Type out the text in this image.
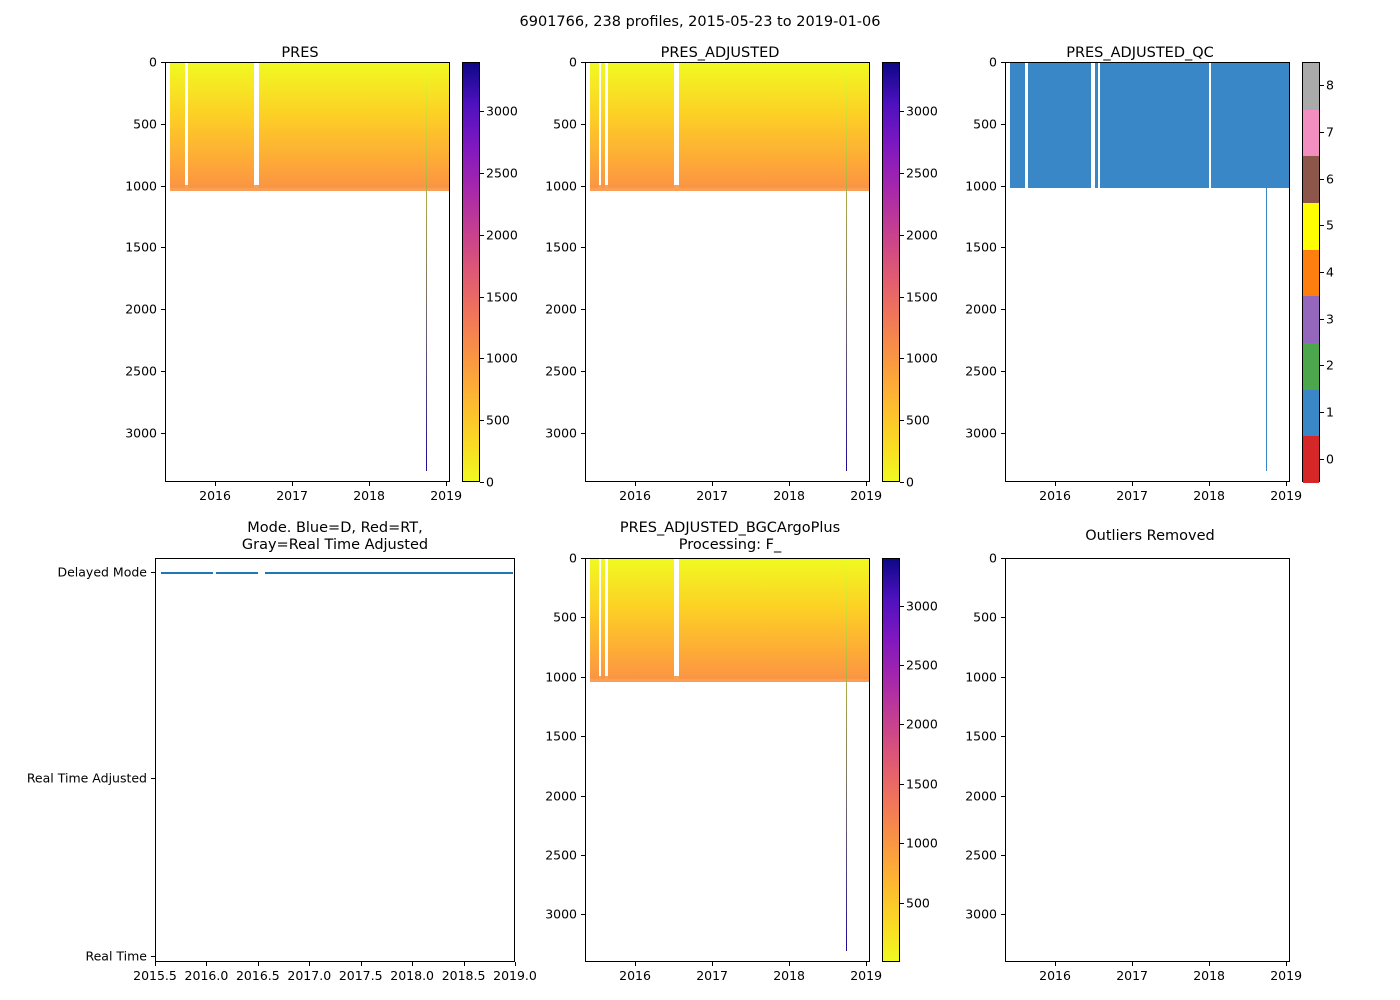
6901766, 238 profiles, 2015-05-23 to 2019-01-06
PRES	PRES_ADJUSTED	PRES_ADJUSTED_QC
Mode. Blue=D, Red=RT,
Gray=Real Time Adjusted
PRES_ADJUSTED_BGCArgoPlus
Processing: F_
Outliers Removed
0
500
1000
1500
2000
2500
3000
2016	2017	2018	2019
0
500
1000
1500
2000
2500
3000
2016	2017	2018	2019
0
500
1000
1500
2000
2500
3000
2016	2017	2018	2019
0
500
1000
1500
2000
2500
3000
2016	2017	2018	2019
0
500
1000
1500
2000
2500
3000
2016	2017	2018	2019
0
500
1000
1500
2000
2500
3000
0
500
1000
1500
2000
2500
3000
0
1
2
3
4
5
6
7
8
500
1000
1500
2000
2500
3000
Delayed Mode
Real Time Adjusted
Real Time
2015.5 2016.0 2016.5 2017.0 2017.5 2018.0 2018.5 2019.0
